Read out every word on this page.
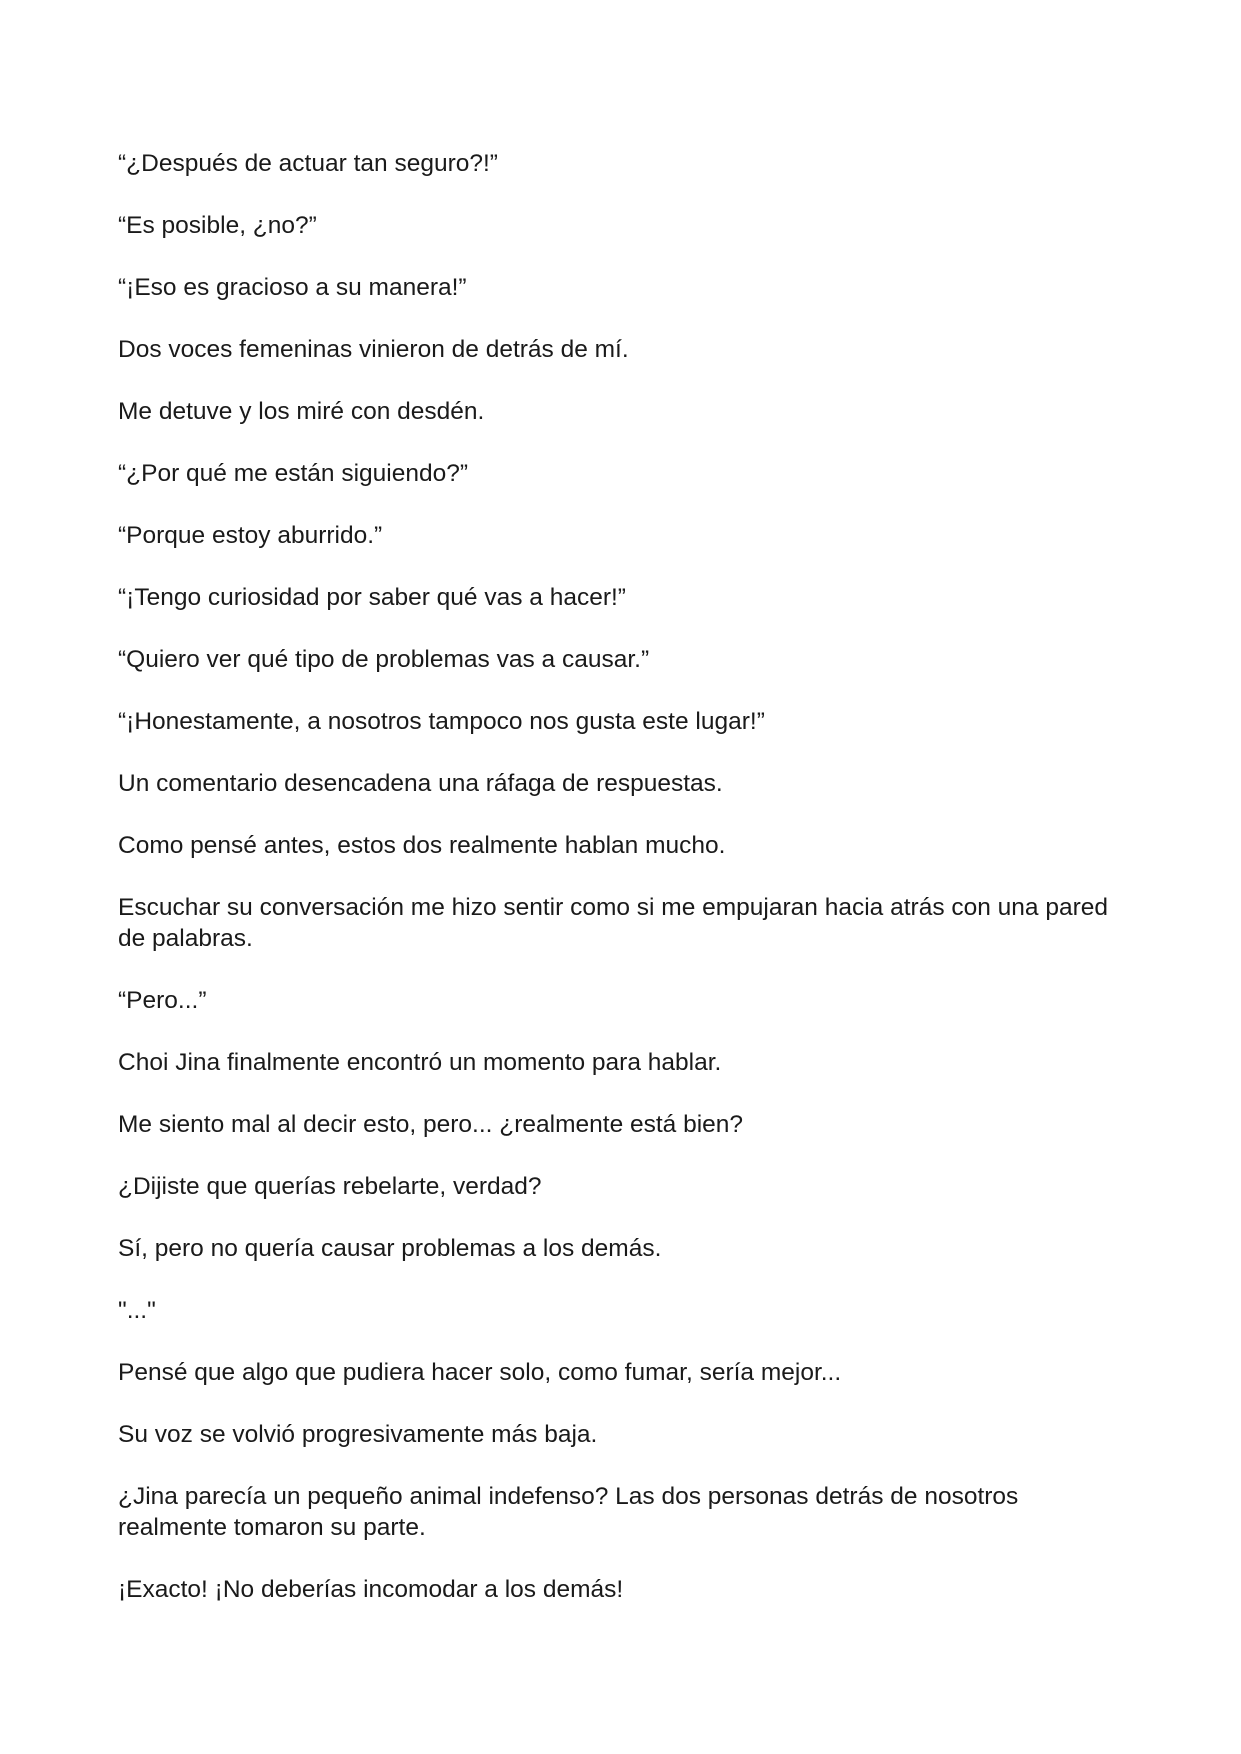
“¿Después de actuar tan seguro?!”

“Es posible, ¿no?”

“¡Eso es gracioso a su manera!”

Dos voces femeninas vinieron de detrás de mí.

Me detuve y los miré con desdén.

“¿Por qué me están siguiendo?”

“Porque estoy aburrido.”

“¡Tengo curiosidad por saber qué vas a hacer!”

“Quiero ver qué tipo de problemas vas a causar.”

“¡Honestamente, a nosotros tampoco nos gusta este lugar!”

Un comentario desencadena una ráfaga de respuestas.

Como pensé antes, estos dos realmente hablan mucho.

Escuchar su conversación me hizo sentir como si me empujaran hacia atrás con una pared de palabras.

“Pero...”

Choi Jina finalmente encontró un momento para hablar.

Me siento mal al decir esto, pero... ¿realmente está bien?

¿Dijiste que querías rebelarte, verdad?

Sí, pero no quería causar problemas a los demás.

"..."

Pensé que algo que pudiera hacer solo, como fumar, sería mejor...

Su voz se volvió progresivamente más baja.

¿Jina parecía un pequeño animal indefenso? Las dos personas detrás de nosotros realmente tomaron su parte.

¡Exacto! ¡No deberías incomodar a los demás!
